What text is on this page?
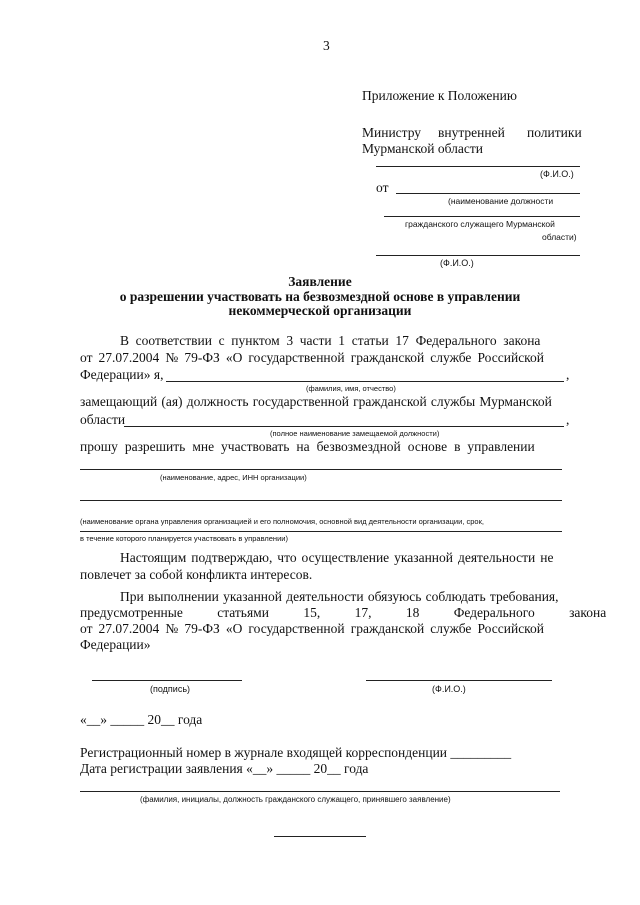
3
Приложение к Положению
Министру внутренней политики
Мурманской области
(Ф.И.О.)
от
(наименование должности
гражданского служащего Мурманской
области)
(Ф.И.О.)
Заявление
о разрешении участвовать на безвозмездной основе в управлении
некоммерческой организации
В соответствии с пунктом 3 части 1 статьи 17 Федерального закона
от 27.07.2004 № 79-ФЗ «О государственной гражданской службе Российской
Федерации» я,	,
(фамилия, имя, отчество)
замещающий (ая) должность государственной гражданской службы Мурманской
области	,
(полное наименование замещаемой должности)
прошу разрешить мне участвовать на безвозмездной основе в управлении
(наименование, адрес, ИНН организации)
(наименование органа управления организацией и его полномочия, основной вид деятельности организации, срок,
в течение которого планируется участвовать в управлении)
Настоящим подтверждаю, что осуществление указанной деятельности не
повлечет за собой конфликта интересов.
При выполнении указанной деятельности обязуюсь соблюдать требования,
предусмотренные статьями 15, 17, 18 Федерального закона
от 27.07.2004 № 79-ФЗ «О государственной гражданской службе Российской
Федерации»
(подпись)	(Ф.И.О.)
«__» _____ 20__ года
Регистрационный номер в журнале входящей корреспонденции _________
Дата регистрации заявления «__» _____ 20__ года
(фамилия, инициалы, должность гражданского служащего, принявшего заявление)
